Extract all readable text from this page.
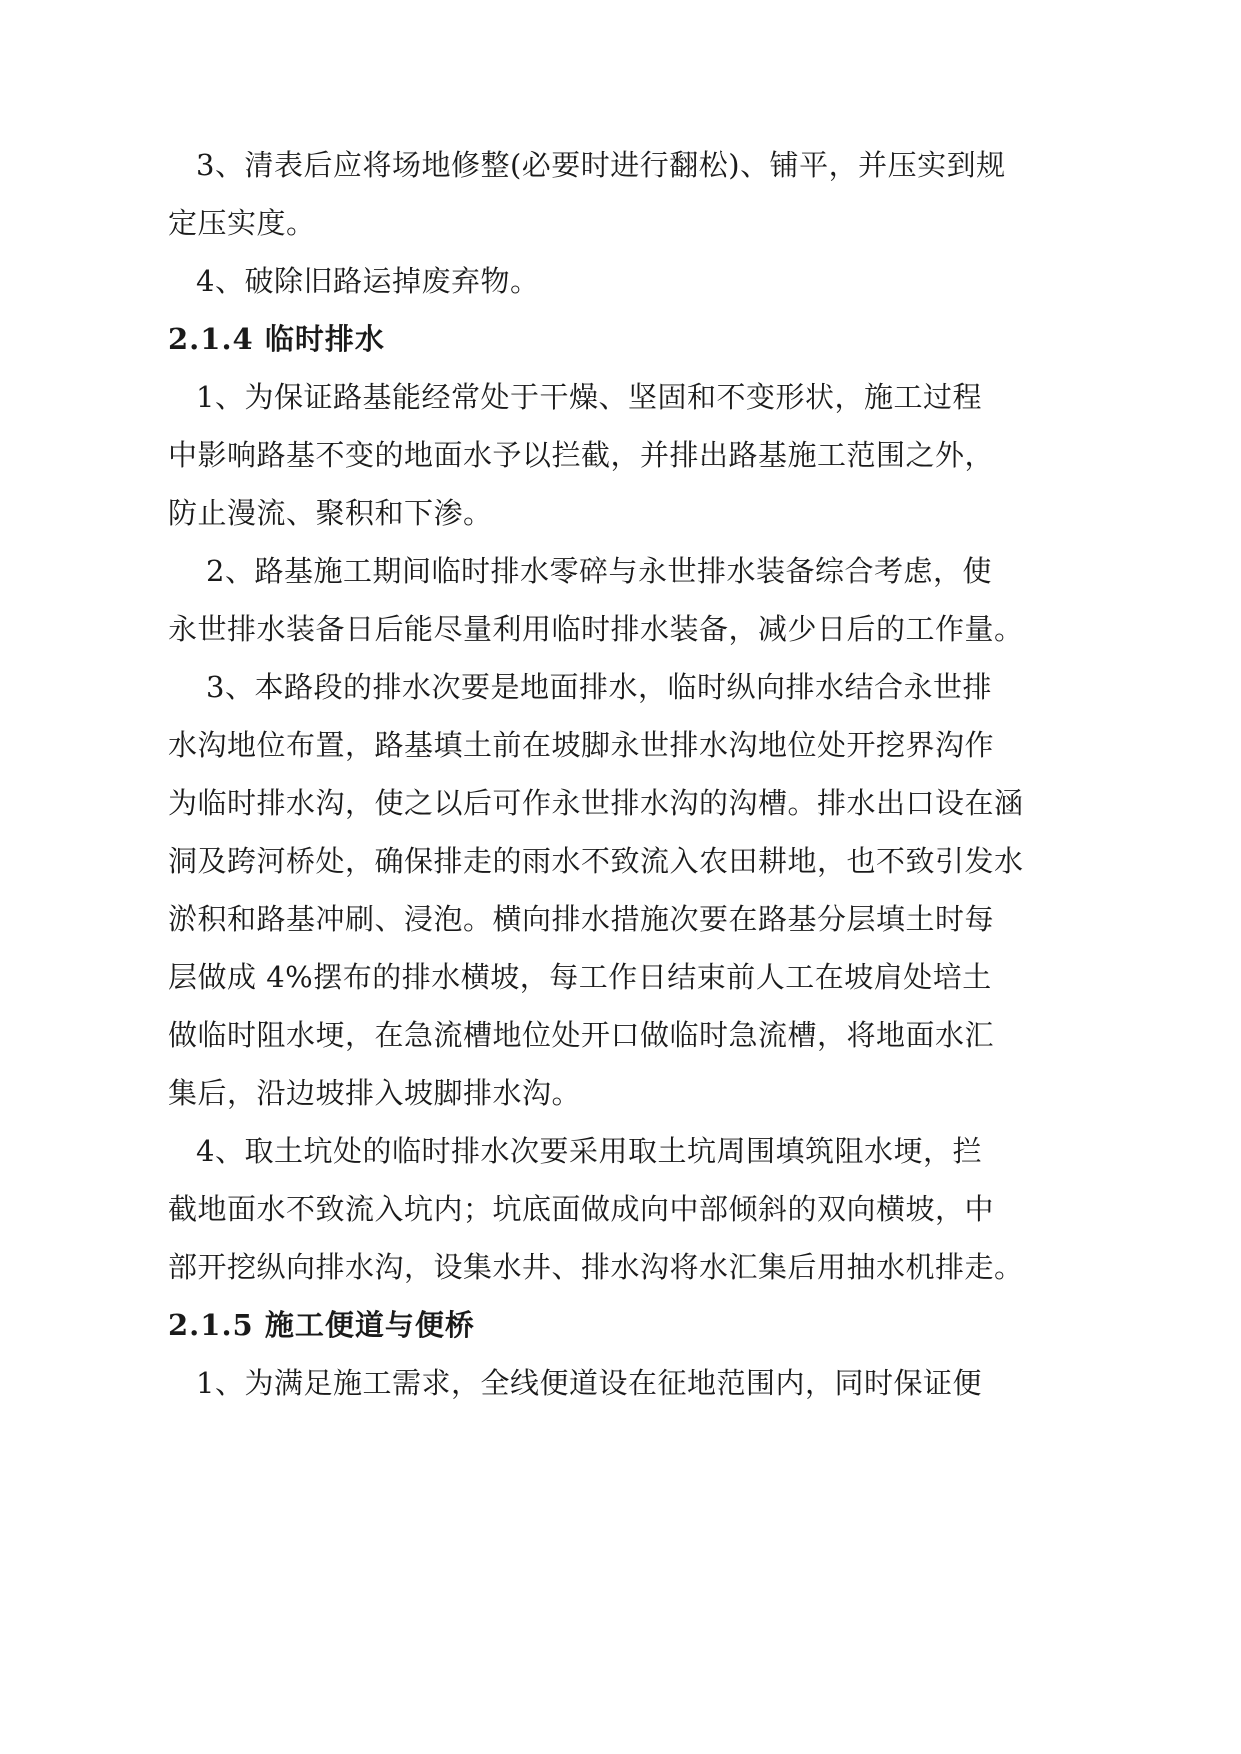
3、清表后应将场地修整(必要时进行翻松)、铺平，并压实到规
定压实度。
4、破除旧路运掉废弃物。
2.1.4 临时排水
1、为保证路基能经常处于干燥、坚固和不变形状，施工过程
中影响路基不变的地面水予以拦截，并排出路基施工范围之外，
防止漫流、聚积和下渗。
2、路基施工期间临时排水零碎与永世排水装备综合考虑，使
永世排水装备日后能尽量利用临时排水装备，减少日后的工作量。
3、本路段的排水次要是地面排水，临时纵向排水结合永世排
水沟地位布置，路基填土前在坡脚永世排水沟地位处开挖界沟作
为临时排水沟，使之以后可作永世排水沟的沟槽。排水出口设在涵
洞及跨河桥处，确保排走的雨水不致流入农田耕地，也不致引发水
淤积和路基冲刷、浸泡。横向排水措施次要在路基分层填土时每
层做成 4%摆布的排水横坡，每工作日结束前人工在坡肩处培土
做临时阻水埂，在急流槽地位处开口做临时急流槽，将地面水汇
集后，沿边坡排入坡脚排水沟。
4、取土坑处的临时排水次要采用取土坑周围填筑阻水埂，拦
截地面水不致流入坑内；坑底面做成向中部倾斜的双向横坡，中
部开挖纵向排水沟，设集水井、排水沟将水汇集后用抽水机排走。
2.1.5 施工便道与便桥
1、为满足施工需求，全线便道设在征地范围内，同时保证便
